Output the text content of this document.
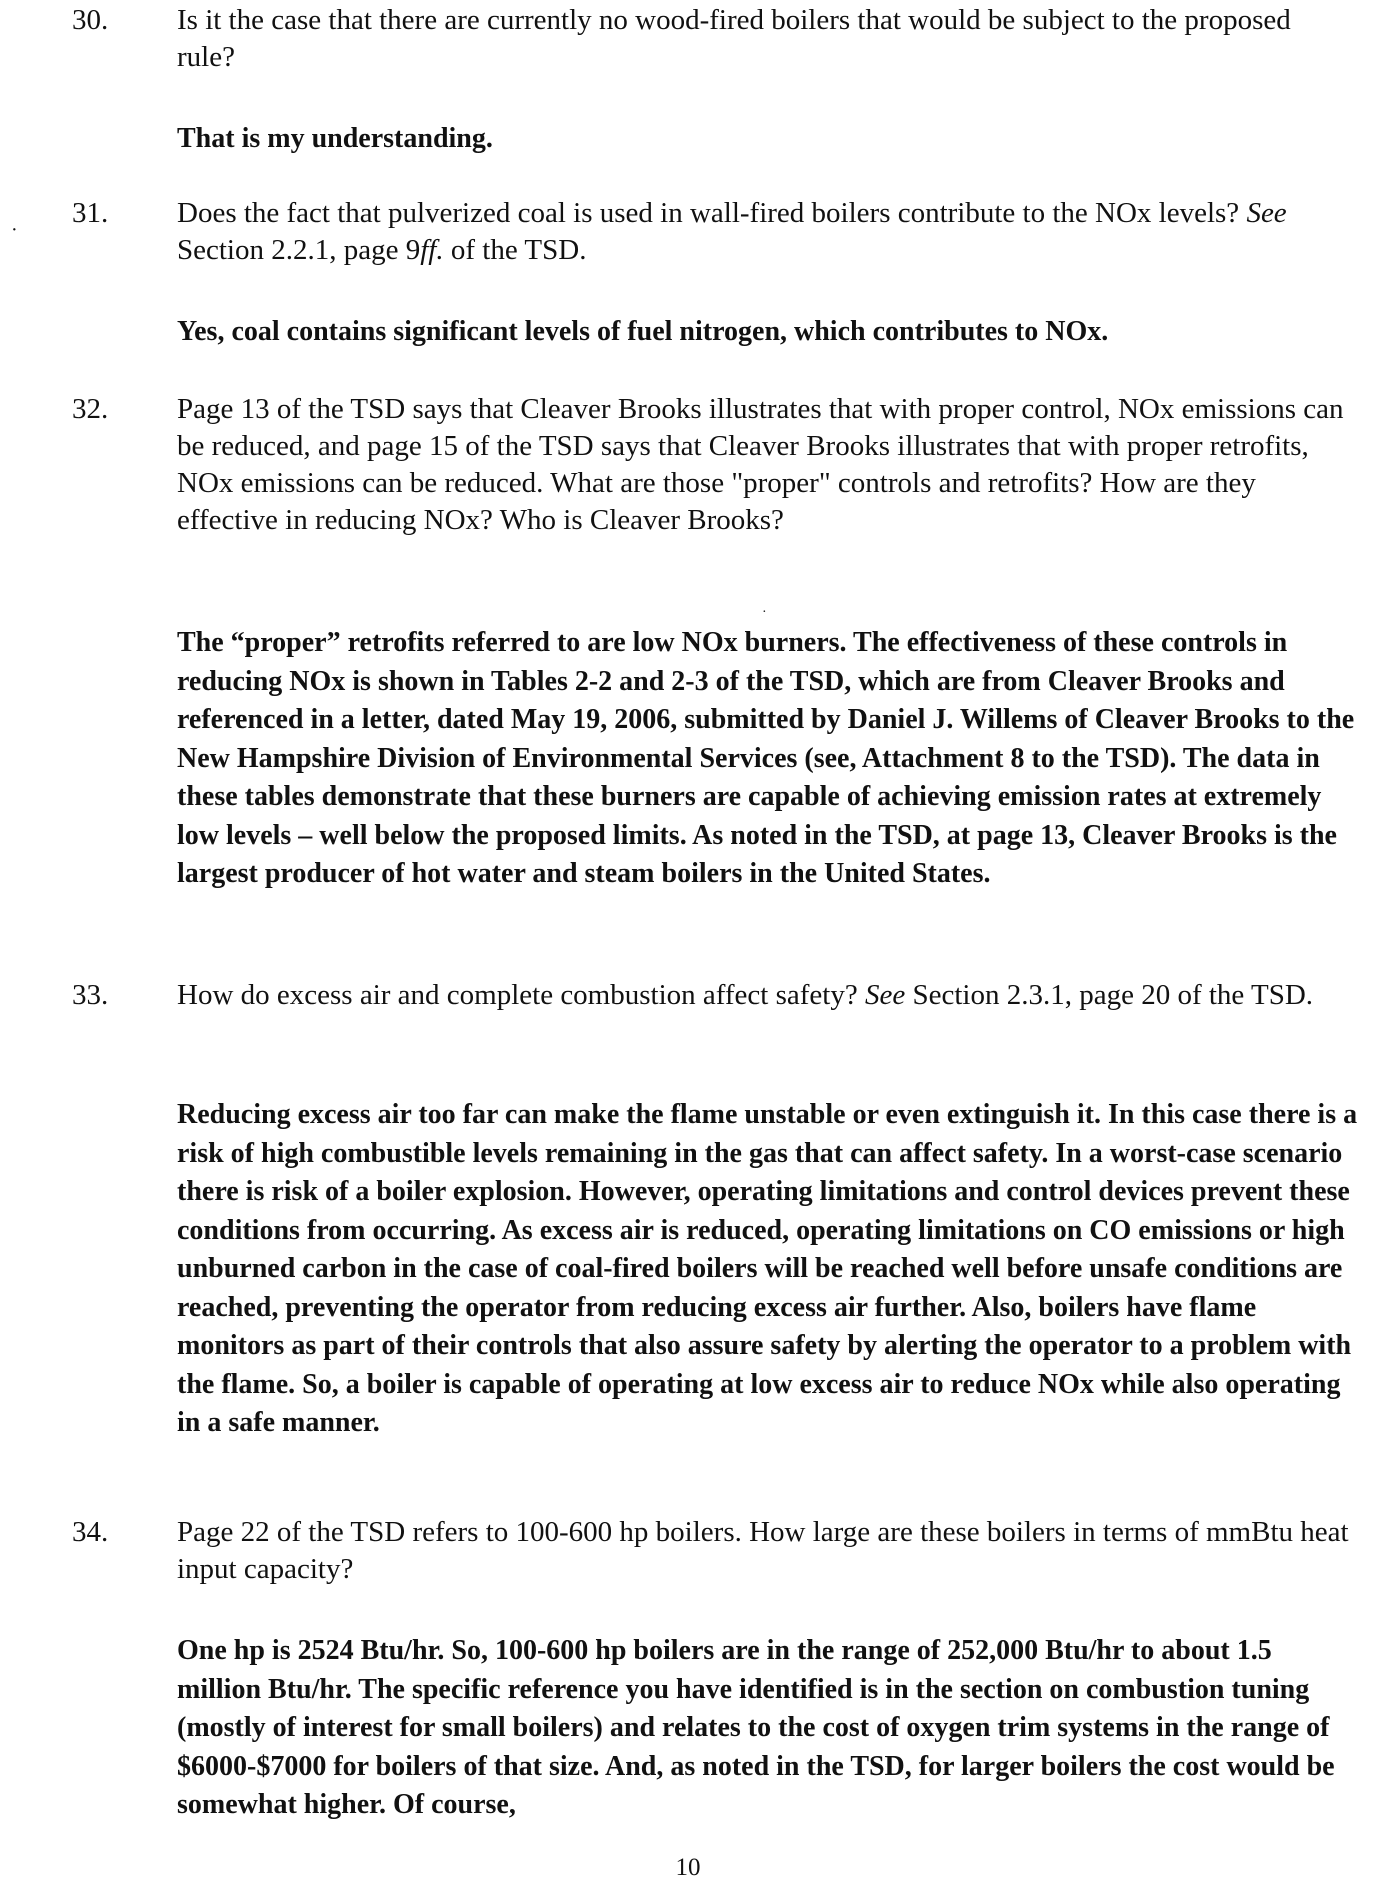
·
·
30. Is it the case that there are currently no wood-fired boilers that would be subject to the proposed rule?
That is my understanding.
31. Does the fact that pulverized coal is used in wall-fired boilers contribute to the NOx levels? See Section 2.2.1, page 9ff. of the TSD.
Yes, coal contains significant levels of fuel nitrogen, which contributes to NOx.
32. Page 13 of the TSD says that Cleaver Brooks illustrates that with proper control, NOx emissions can be reduced, and page 15 of the TSD says that Cleaver Brooks illustrates that with proper retrofits, NOx emissions can be reduced. What are those "proper" controls and retrofits? How are they effective in reducing NOx? Who is Cleaver Brooks?
The “proper” retrofits referred to are low NOx burners. The effectiveness of these controls in reducing NOx is shown in Tables 2-2 and 2-3 of the TSD, which are from Cleaver Brooks and referenced in a letter, dated May 19, 2006, submitted by Daniel J. Willems of Cleaver Brooks to the New Hampshire Division of Environmental Services (see, Attachment 8 to the TSD). The data in these tables demonstrate that these burners are capable of achieving emission rates at extremely low levels – well below the proposed limits. As noted in the TSD, at page 13, Cleaver Brooks is the largest producer of hot water and steam boilers in the United States.
33. How do excess air and complete combustion affect safety? See Section 2.3.1, page 20 of the TSD.
Reducing excess air too far can make the flame unstable or even extinguish it. In this case there is a risk of high combustible levels remaining in the gas that can affect safety. In a worst-case scenario there is risk of a boiler explosion. However, operating limitations and control devices prevent these conditions from occurring. As excess air is reduced, operating limitations on CO emissions or high unburned carbon in the case of coal-fired boilers will be reached well before unsafe conditions are reached, preventing the operator from reducing excess air further. Also, boilers have flame monitors as part of their controls that also assure safety by alerting the operator to a problem with the flame. So, a boiler is capable of operating at low excess air to reduce NOx while also operating in a safe manner.
34. Page 22 of the TSD refers to 100-600 hp boilers. How large are these boilers in terms of mmBtu heat input capacity?
One hp is 2524 Btu/hr. So, 100-600 hp boilers are in the range of 252,000 Btu/hr to about 1.5 million Btu/hr. The specific reference you have identified is in the section on combustion tuning (mostly of interest for small boilers) and relates to the cost of oxygen trim systems in the range of $6000-$7000 for boilers of that size. And, as noted in the TSD, for larger boilers the cost would be somewhat higher. Of course,
10
